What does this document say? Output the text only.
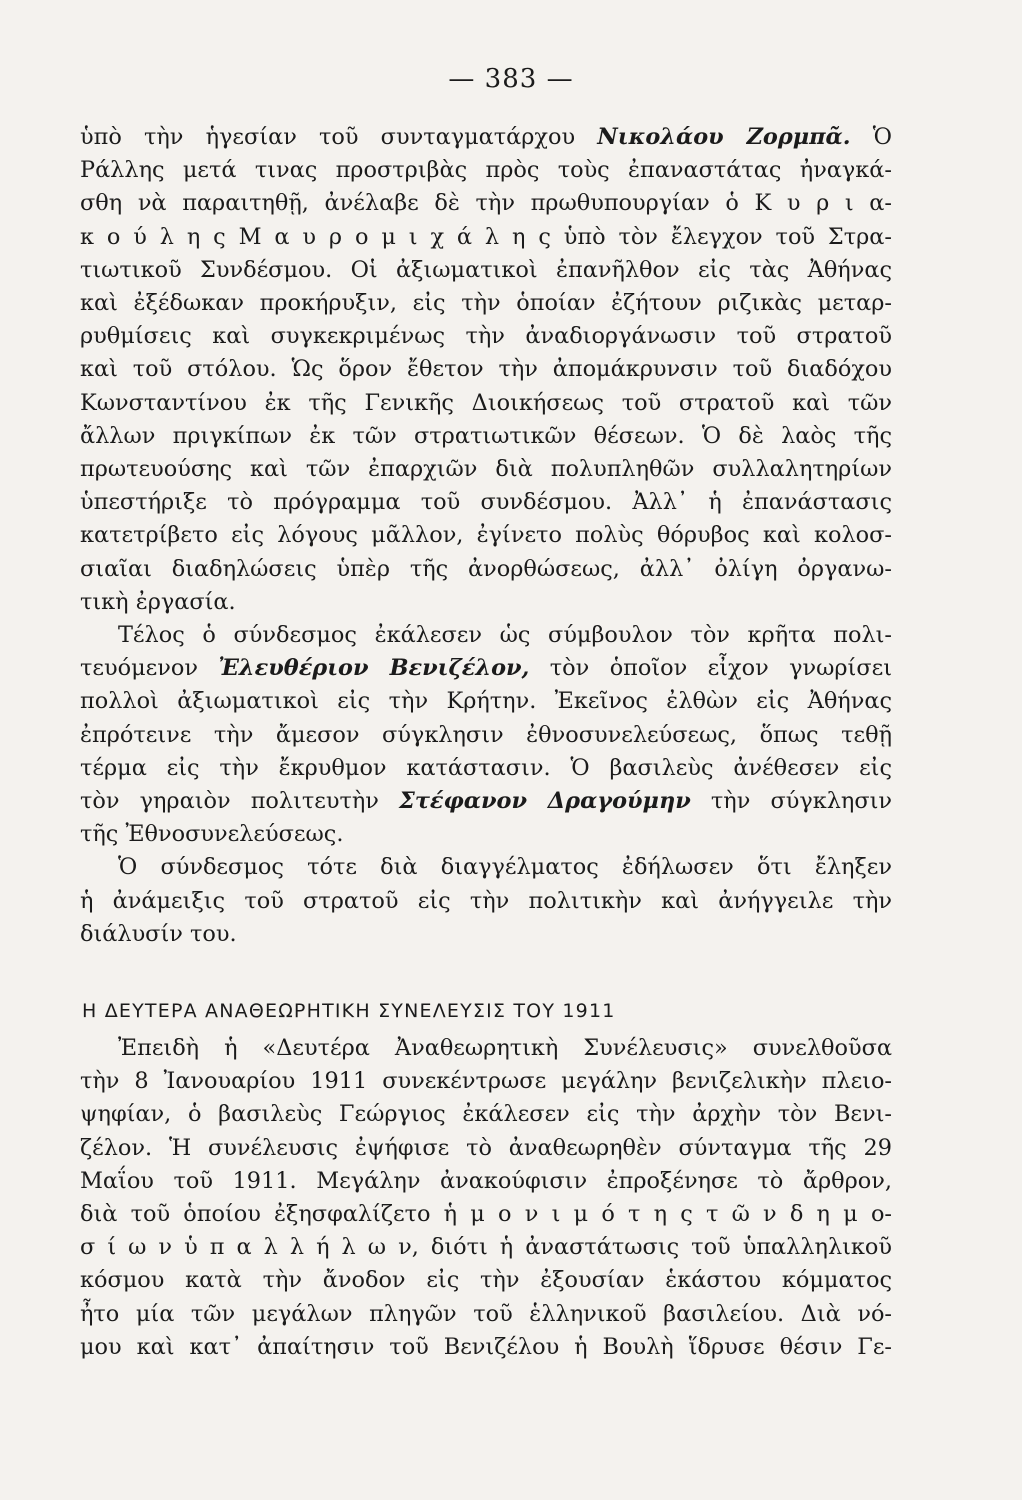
— 383 —
ὑπὸ τὴν ἡγεσίαν τοῦ συνταγματάρχου Νικολάου Ζορμπᾶ. Ὁ
Ράλλης μετά τινας προστριβὰς πρὸς τοὺς ἐπαναστάτας ἠναγκά-
σθη νὰ παραιτηθῇ, ἀνέλαβε δὲ τὴν πρωθυπουργίαν ὁ Κ υ ρ ι α-
κ ο ύ λ η ς Μ α υ ρ ο μ ι χ ά λ η ς ὑπὸ τὸν ἔλεγχον τοῦ Στρα-
τιωτικοῦ Συνδέσμου. Οἱ ἀξιωματικοὶ ἐπανῆλθον εἰς τὰς Ἀθήνας
καὶ ἐξέδωκαν προκήρυξιν, εἰς τὴν ὁποίαν ἐζήτουν ριζικὰς μεταρ-
ρυθμίσεις καὶ συγκεκριμένως τὴν ἀναδιοργάνωσιν τοῦ στρατοῦ
καὶ τοῦ στόλου. Ὡς ὅρον ἔθετον τὴν ἀπομάκρυνσιν τοῦ διαδόχου
Κωνσταντίνου ἐκ τῆς Γενικῆς Διοικήσεως τοῦ στρατοῦ καὶ τῶν
ἄλλων πριγκίπων ἐκ τῶν στρατιωτικῶν θέσεων. Ὁ δὲ λαὸς τῆς
πρωτευούσης καὶ τῶν ἐπαρχιῶν διὰ πολυπληθῶν συλλαλητηρίων
ὑπεστήριξε τὸ πρόγραμμα τοῦ συνδέσμου. Ἀλλ᾽ ἡ ἐπανάστασις
κατετρίβετο εἰς λόγους μᾶλλον, ἐγίνετο πολὺς θόρυβος καὶ κολοσ-
σιαῖαι διαδηλώσεις ὑπὲρ τῆς ἀνορθώσεως, ἀλλ᾽ ὀλίγη ὀργανω-
τικὴ ἐργασία.
Τέλος ὁ σύνδεσμος ἐκάλεσεν ὡς σύμβουλον τὸν κρῆτα πολι-
τευόμενον Ἐλευθέριον Βενιζέλον, τὸν ὁποῖον εἶχον γνωρίσει
πολλοὶ ἀξιωματικοὶ εἰς τὴν Κρήτην. Ἐκεῖνος ἐλθὼν εἰς Ἀθήνας
ἐπρότεινε τὴν ἄμεσον σύγκλησιν ἐθνοσυνελεύσεως, ὅπως τεθῇ
τέρμα εἰς τὴν ἔκρυθμον κατάστασιν. Ὁ βασιλεὺς ἀνέθεσεν εἰς
τὸν γηραιὸν πολιτευτὴν Στέφανον Δραγούμην τὴν σύγκλησιν
τῆς Ἐθνοσυνελεύσεως.
Ὁ σύνδεσμος τότε διὰ διαγγέλματος ἐδήλωσεν ὅτι ἔληξεν
ἡ ἀνάμειξις τοῦ στρατοῦ εἰς τὴν πολιτικὴν καὶ ἀνήγγειλε τὴν
διάλυσίν του.
Ἐπειδὴ ἡ «Δευτέρα Ἀναθεωρητικὴ Συνέλευσις» συνελθοῦσα
τὴν 8 Ἰανουαρίου 1911 συνεκέντρωσε μεγάλην βενιζελικὴν πλειο-
ψηφίαν, ὁ βασιλεὺς Γεώργιος ἐκάλεσεν εἰς τὴν ἀρχὴν τὸν Βενι-
ζέλον. Ἡ συνέλευσις ἐψήφισε τὸ ἀναθεωρηθὲν σύνταγμα τῆς 29
Μαΐου τοῦ 1911. Μεγάλην ἀνακούφισιν ἐπροξένησε τὸ ἄρθρον,
διὰ τοῦ ὁποίου ἐξησφαλίζετο ἡ μ ο ν ι μ ό τ η ς τ ῶ ν δ η μ ο-
σ ί ω ν ὑ π α λ λ ή λ ω ν, διότι ἡ ἀναστάτωσις τοῦ ὑπαλληλικοῦ
κόσμου κατὰ τὴν ἄνοδον εἰς τὴν ἐξουσίαν ἑκάστου κόμματος
ἦτο μία τῶν μεγάλων πληγῶν τοῦ ἑλληνικοῦ βασιλείου. Διὰ νό-
μου καὶ κατ᾽ ἀπαίτησιν τοῦ Βενιζέλου ἡ Βουλὴ ἵδρυσε θέσιν Γε-
Η ΔΕΥΤΕΡΑ ΑΝΑΘΕΩΡΗΤΙΚΗ ΣΥΝΕΛΕΥΣΙΣ ΤΟΥ 1911
